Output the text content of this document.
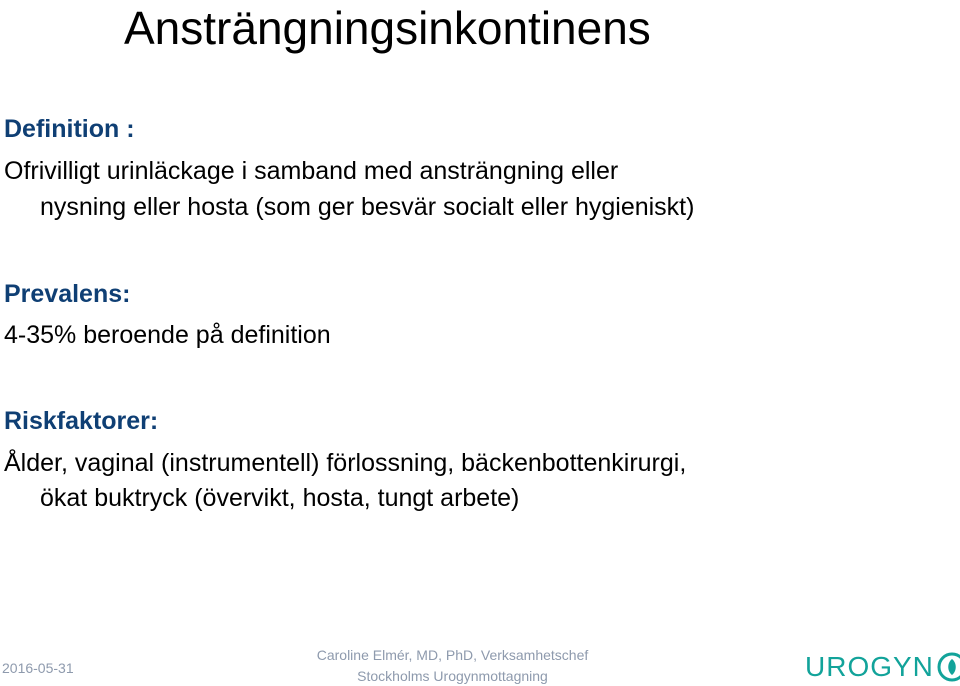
Ansträngningsinkontinens
Definition :
Ofrivilligt urinläckage i samband med ansträngning eller
nysning eller hosta (som ger besvär socialt eller hygieniskt)
Prevalens:
4-35% beroende på definition
Riskfaktorer:
Ålder, vaginal (instrumentell) förlossning, bäckenbottenkirurgi,
ökat buktryck (övervikt, hosta, tungt arbete)
2016-05-31
Caroline Elmér, MD, PhD, Verksamhetschef
Stockholms Urogynmottagning	UROGYN
